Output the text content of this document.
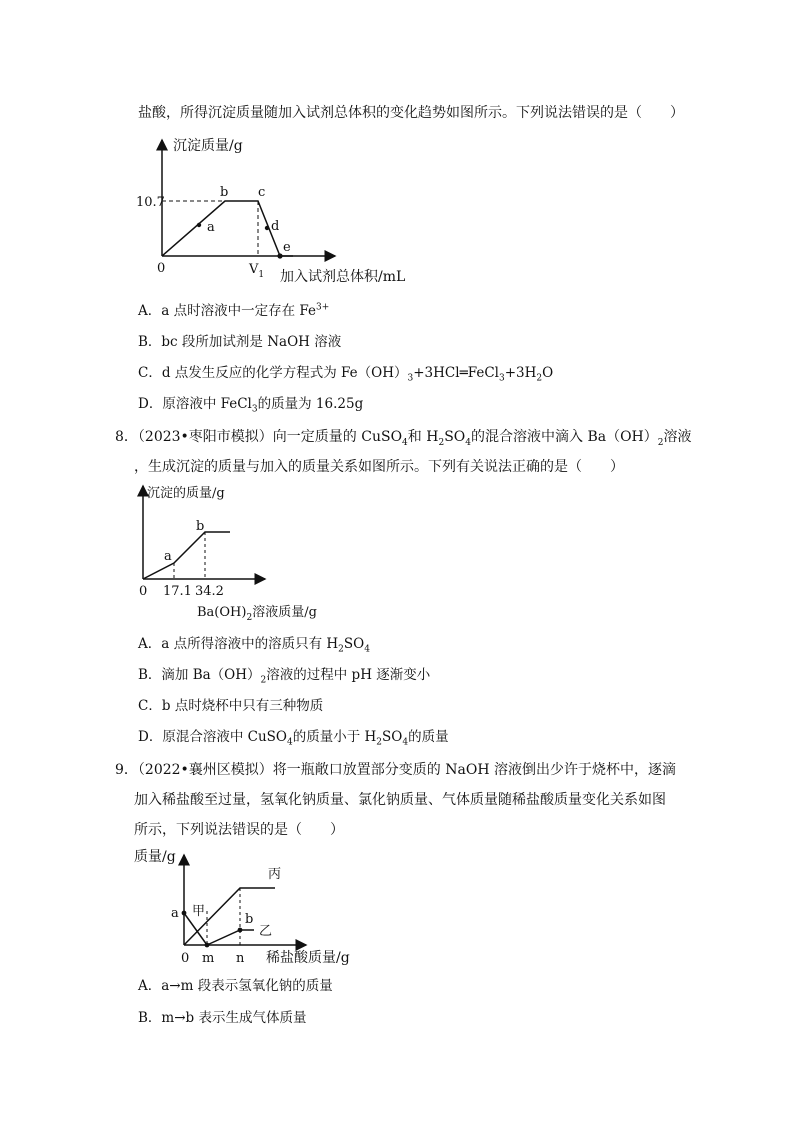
盐酸，所得沉淀质量随加入试剂总体积的变化趋势如图所示。下列说法错误的是（　　）
沉淀质量/g
10.7
0
a
b c
d
e
$V_1$ 加入试剂总体积/mL
A．a 点时溶液中一定存在 $Fe^{3+}$
B．bc 段所加试剂是 NaOH 溶液
C．d 点发生反应的化学方程式为 $Fe(OH)_3+3HCl═FeCl_3+3H_2O$
D．原溶液中 FeCl$_3$的质量为 16.25g
8．（2023•枣阳市模拟）向一定质量的 CuSO$_4$和 $H_2SO_4$的混合溶液中滴入 $Ba(OH)_2$溶液
，生成沉淀的质量与加入的质量关系如图所示。下列有关说法正确的是（　　）
沉淀的质量/g
0
a
b
17.1 34.2
$Ba(OH)_2$溶液质量/g
A．a 点所得溶液中的溶质只有 $H_2SO_4$
B．滴加 $Ba(OH)_2$溶液的过程中 pH 逐渐变小
C．b 点时烧杯中只有三种物质
D．原混合溶液中 CuSO$_4$的质量小于 $H_2SO_4$的质量
9．（2022•襄州区模拟）将一瓶敞口放置部分变质的 NaOH 溶液倒出少许于烧杯中，逐滴
加入稀盐酸至过量，氢氧化钠质量、氯化钠质量、气体质量随稀盐酸质量变化关系如图
所示，下列说法错误的是（　　）
质量/g
0
a 甲
丙
b
乙
m n 稀盐酸质量/g
A．a→m 段表示氢氧化钠的质量
B．m→b 表示生成气体质量
